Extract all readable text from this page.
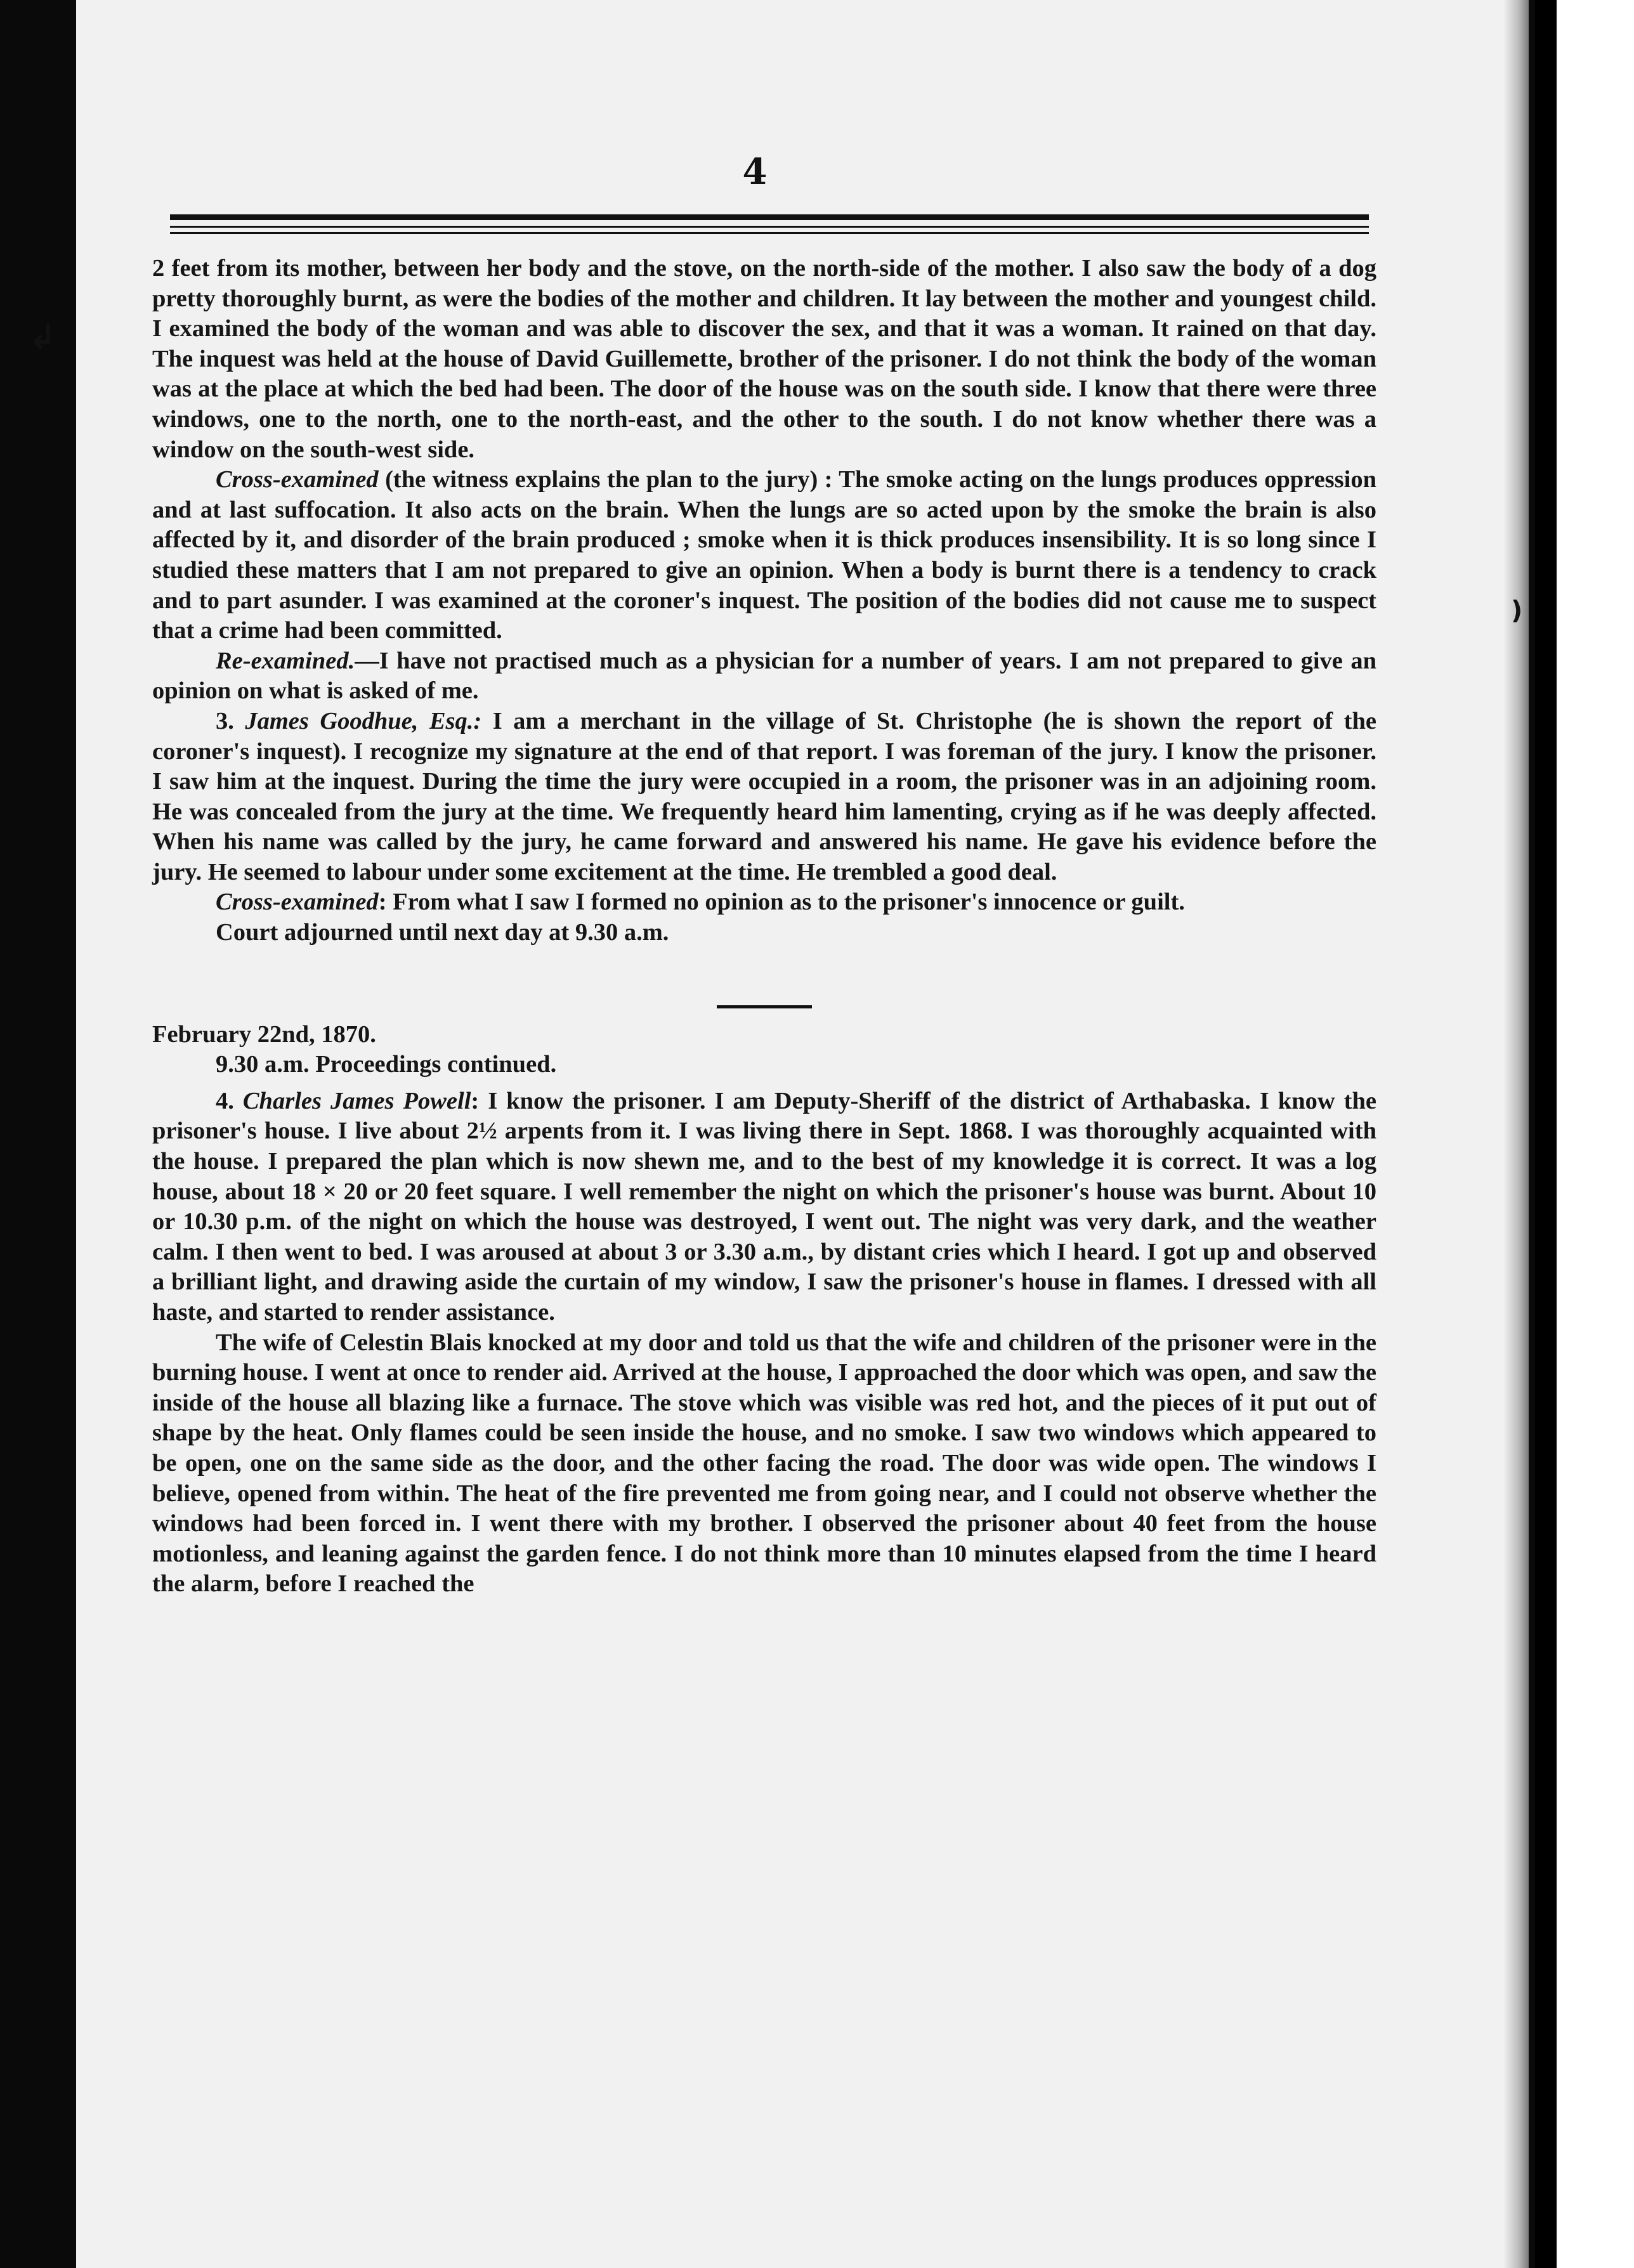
↲
)
4

2 feet from its mother, between her body and the stove, on the north-side of the mother. I also saw the body of a dog pretty thoroughly burnt, as were the bodies of the mother and children. It lay between the mother and youngest child. I examined the body of the woman and was able to discover the sex, and that it was a woman. It rained on that day. The inquest was held at the house of David Guillemette, brother of the prisoner. I do not think the body of the woman was at the place at which the bed had been. The door of the house was on the south side. I know that there were three windows, one to the north, one to the north-east, and the other to the south. I do not know whether there was a window on the south-west side.

Cross-examined (the witness explains the plan to the jury) : The smoke acting on the lungs produces oppression and at last suffocation. It also acts on the brain. When the lungs are so acted upon by the smoke the brain is also affected by it, and disorder of the brain produced ; smoke when it is thick produces insensibility. It is so long since I studied these matters that I am not prepared to give an opinion. When a body is burnt there is a tendency to crack and to part asunder. I was examined at the coroner's inquest. The position of the bodies did not cause me to suspect that a crime had been committed.

Re-examined.—I have not practised much as a physician for a number of years. I am not prepared to give an opinion on what is asked of me.

3. James Goodhue, Esq.: I am a merchant in the village of St. Christophe (he is shown the report of the coroner's inquest). I recognize my signature at the end of that report. I was foreman of the jury. I know the prisoner. I saw him at the inquest. During the time the jury were occupied in a room, the prisoner was in an adjoining room. He was concealed from the jury at the time. We frequently heard him lamenting, crying as if he was deeply affected. When his name was called by the jury, he came forward and answered his name. He gave his evidence before the jury. He seemed to labour under some excitement at the time. He trembled a good deal.

Cross-examined: From what I saw I formed no opinion as to the prisoner's innocence or guilt.

Court adjourned until next day at 9.30 a.m.

February 22nd, 1870.

9.30 a.m. Proceedings continued.

4. Charles James Powell: I know the prisoner. I am Deputy-Sheriff of the district of Arthabaska. I know the prisoner's house. I live about 2½ arpents from it. I was living there in Sept. 1868. I was thoroughly acquainted with the house. I prepared the plan which is now shewn me, and to the best of my knowledge it is correct. It was a log house, about 18 × 20 or 20 feet square. I well remember the night on which the prisoner's house was burnt. About 10 or 10.30 p.m. of the night on which the house was destroyed, I went out. The night was very dark, and the weather calm. I then went to bed. I was aroused at about 3 or 3.30 a.m., by distant cries which I heard. I got up and observed a brilliant light, and drawing aside the curtain of my window, I saw the prisoner's house in flames. I dressed with all haste, and started to render assistance.

The wife of Celestin Blais knocked at my door and told us that the wife and children of the prisoner were in the burning house. I went at once to render aid. Arrived at the house, I approached the door which was open, and saw the inside of the house all blazing like a furnace. The stove which was visible was red hot, and the pieces of it put out of shape by the heat. Only flames could be seen inside the house, and no smoke. I saw two windows which appeared to be open, one on the same side as the door, and the other facing the road. The door was wide open. The windows I believe, opened from within. The heat of the fire prevented me from going near, and I could not observe whether the windows had been forced in. I went there with my brother. I observed the prisoner about 40 feet from the house motionless, and leaning against the garden fence. I do not think more than 10 minutes elapsed from the time I heard the alarm, before I reached the
